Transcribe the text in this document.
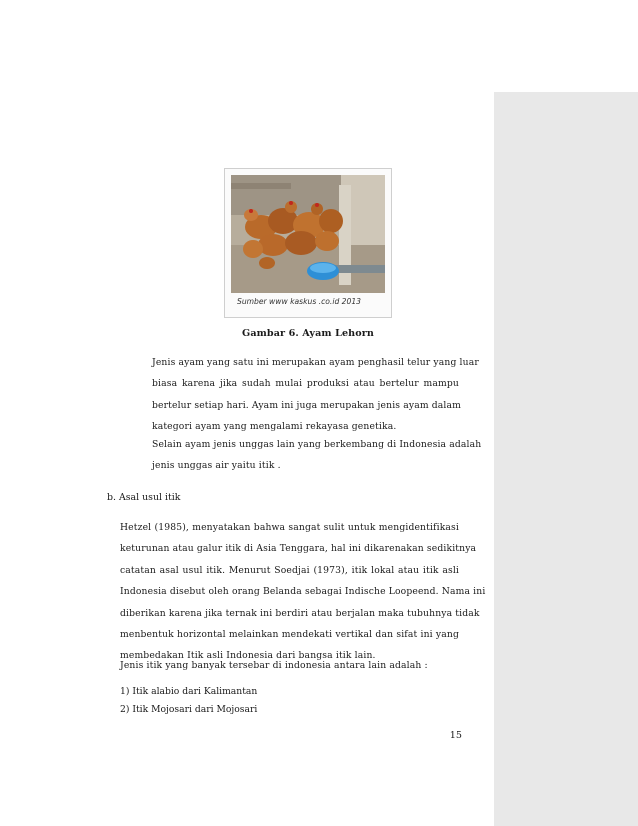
Sumber www kaskus .co.id 2013
Gambar 6. Ayam Lehorn
Jenis ayam yang satu ini merupakan ayam penghasil telur yang luar
biasa karena jika sudah mulai produksi atau bertelur mampu
bertelur setiap hari. Ayam ini juga merupakan jenis ayam dalam
kategori ayam yang mengalami rekayasa genetika.
Selain ayam jenis unggas lain yang berkembang di Indonesia adalah
jenis unggas air yaitu itik .
b. Asal usul itik
Hetzel (1985), menyatakan bahwa sangat sulit untuk mengidentifikasi
keturunan atau galur itik di Asia Tenggara, hal ini dikarenakan sedikitnya
catatan asal usul itik. Menurut Soedjai (1973), itik lokal atau itik asli
Indonesia disebut oleh orang Belanda sebagai Indische Loopeend. Nama ini
diberikan karena jika ternak ini berdiri atau berjalan maka tubuhnya tidak
menbentuk horizontal melainkan mendekati vertikal dan sifat ini yang
membedakan Itik asli Indonesia dari bangsa itik lain.
Jenis itik yang banyak tersebar di indonesia antara lain adalah :
1) Itik alabio dari Kalimantan
2) Itik Mojosari dari Mojosari
15
